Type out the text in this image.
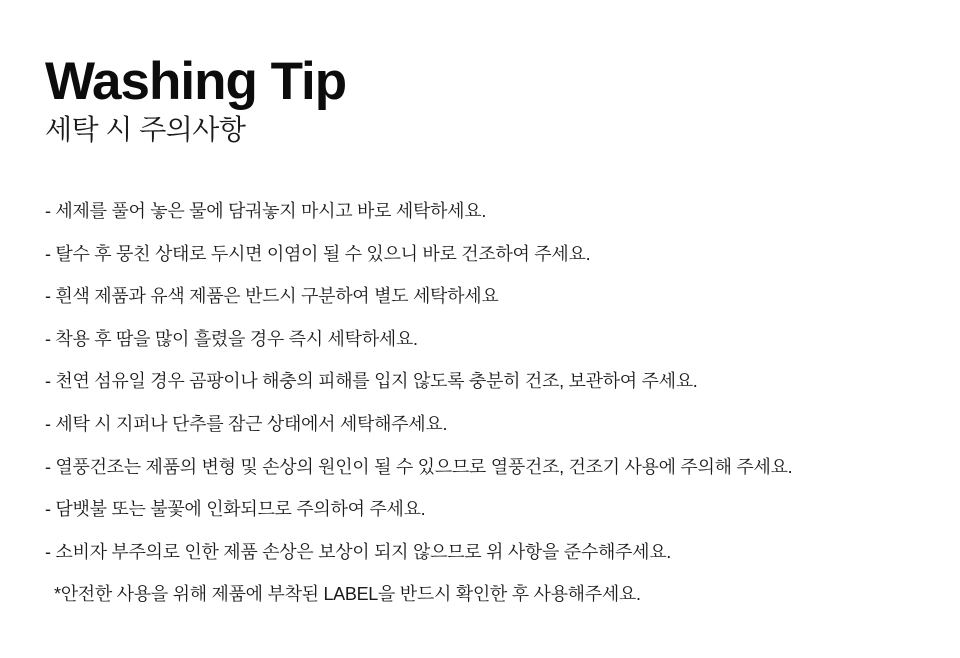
Washing Tip
세탁 시 주의사항
- 세제를 풀어 놓은 물에 담궈놓지 마시고 바로 세탁하세요.
- 탈수 후 뭉친 상태로 두시면 이염이 될 수 있으니 바로 건조하여 주세요.
- 흰색 제품과 유색 제품은 반드시 구분하여 별도 세탁하세요
- 착용 후 땀을 많이 흘렸을 경우 즉시 세탁하세요.
- 천연 섬유일 경우 곰팡이나 해충의 피해를 입지 않도록 충분히 건조, 보관하여 주세요.
- 세탁 시 지퍼나 단추를 잠근 상태에서 세탁해주세요.
- 열풍건조는 제품의 변형 및 손상의 원인이 될 수 있으므로 열풍건조, 건조기 사용에 주의해 주세요.
- 담뱃불 또는 불꽃에 인화되므로 주의하여 주세요.
- 소비자 부주의로 인한 제품 손상은 보상이 되지 않으므로 위 사항을 준수해주세요.
*안전한 사용을 위해 제품에 부착된 LABEL을 반드시 확인한 후 사용해주세요.
